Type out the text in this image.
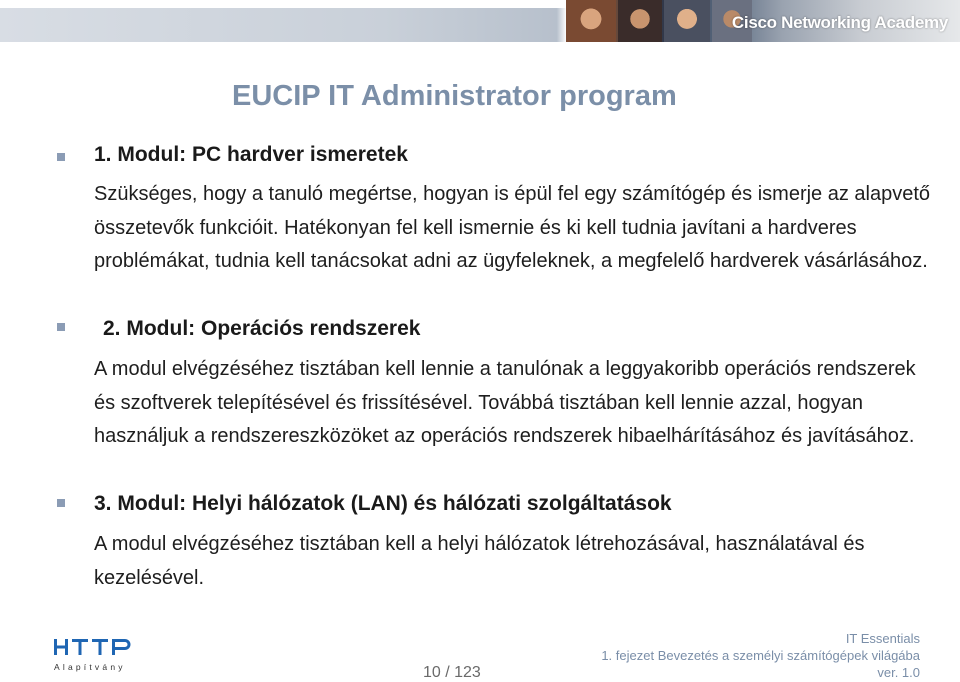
Cisco Networking Academy
EUCIP IT Administrator program
1. Modul: PC hardver ismeretek
Szükséges, hogy a tanuló megértse, hogyan is épül fel egy számítógép és ismerje az alapvető összetevők funkcióit. Hatékonyan fel kell ismernie és ki kell tudnia javítani a hardveres problémákat, tudnia kell tanácsokat adni az ügyfeleknek, a megfelelő hardverek vásárlásához.
2. Modul: Operációs rendszerek
A modul elvégzéséhez tisztában kell lennie a tanulónak a leggyakoribb operációs rendszerek és szoftverek telepítésével és frissítésével. Továbbá tisztában kell lennie azzal, hogyan használjuk a rendszereszközöket az operációs rendszerek hibaelhárításához és javításához.
3. Modul: Helyi hálózatok (LAN) és hálózati szolgáltatások
A modul elvégzéséhez tisztában kell a helyi hálózatok létrehozásával, használatával és kezelésével.
Alapítvány	10 / 123
IT Essentials
1. fejezet Bevezetés a személyi számítógépek világába
ver. 1.0
